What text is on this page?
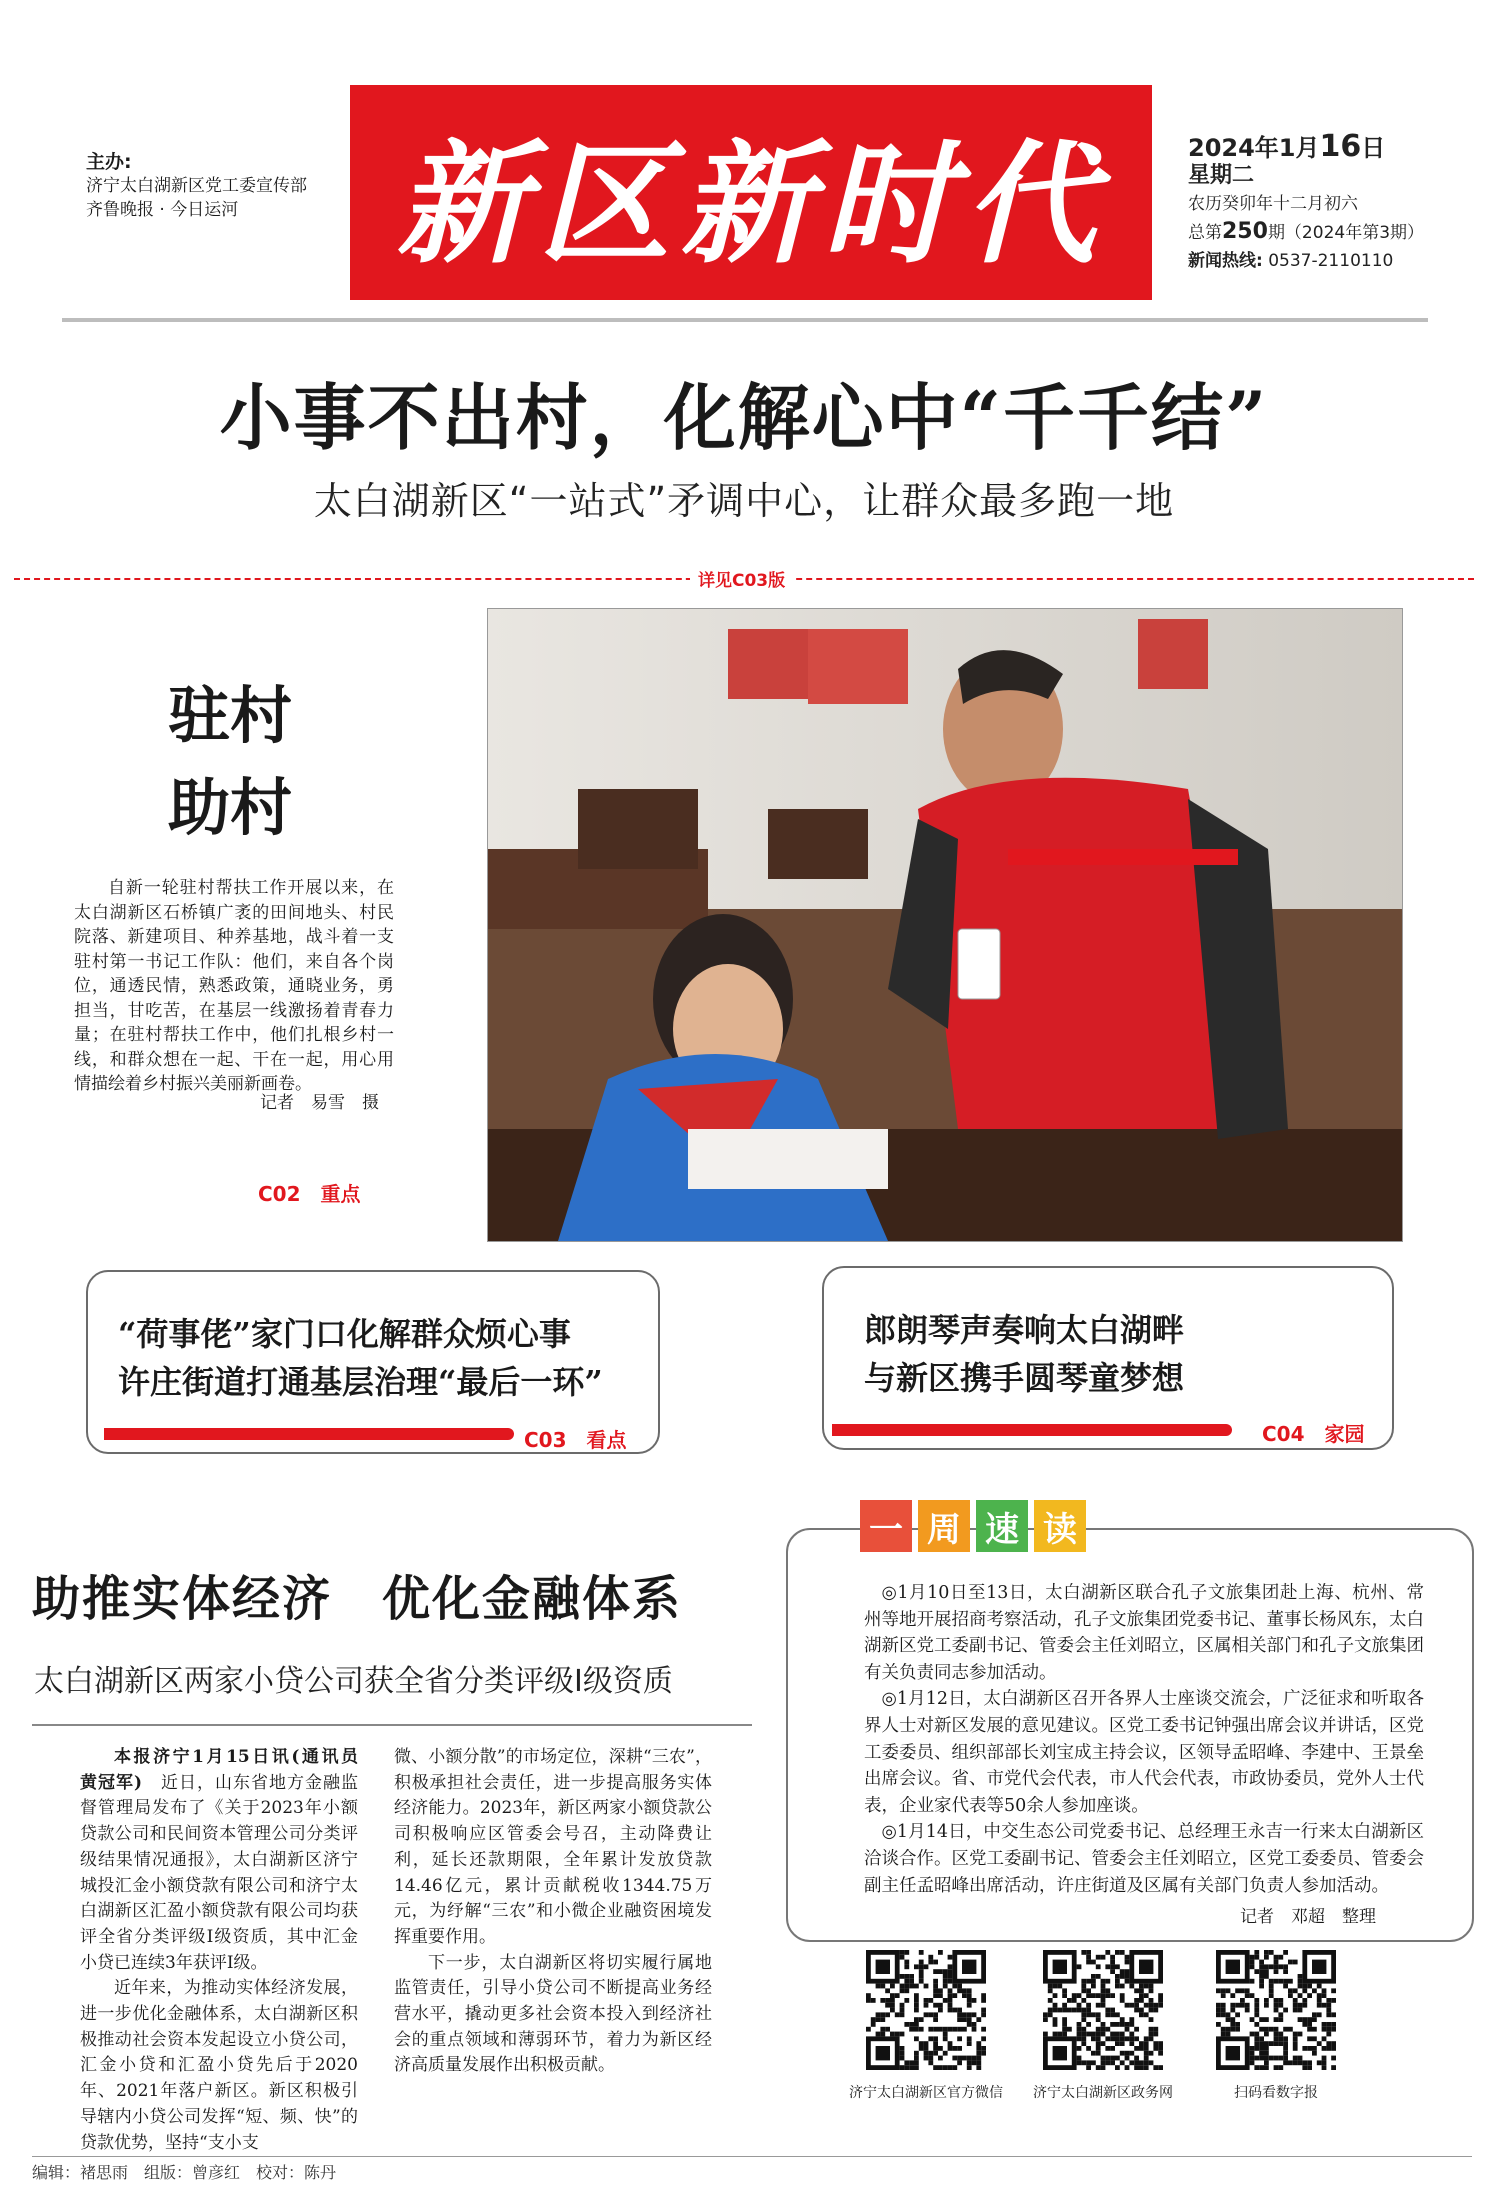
主办:
济宁太白湖新区党工委宣传部
齐鲁晚报 · 今日运河	新区新时代	2024年1月16日
星期二
农历癸卯年十二月初六
总第250期（2024年第3期）
新闻热线: 0537-2110110
小事不出村，化解心中“千千结”
太白湖新区“一站式”矛调中心，让群众最多跑一地
详见C03版
驻村
助村

自新一轮驻村帮扶工作开展以来，在太白湖新区石桥镇广袤的田间地头、村民院落、新建项目、种养基地，战斗着一支驻村第一书记工作队：他们，来自各个岗位，通透民情，熟悉政策，通晓业务，勇担当，甘吃苦，在基层一线激扬着青春力量；在驻村帮扶工作中，他们扎根乡村一线，和群众想在一起、干在一起，用心用情描绘着乡村振兴美丽新画卷。

记者　易雪　摄
C02　 重点
“荷事佬”家门口化解群众烦心事
许庄街道打通基层治理“最后一环”
C03　 看点
郎朗琴声奏响太白湖畔
与新区携手圆琴童梦想
C04　 家园
助推实体经济　优化金融体系
太白湖新区两家小贷公司获全省分类评级Ⅰ级资质

本报济宁1月15日讯(通讯员　黄冠军)　 近日，山东省地方金融监督管理局发布了《关于2023年小额贷款公司和民间资本管理公司分类评级结果情况通报》，太白湖新区济宁城投汇金小额贷款有限公司和济宁太白湖新区汇盈小额贷款有限公司均获评全省分类评级Ⅰ级资质，其中汇金小贷已连续3年获评Ⅰ级。

近年来，为推动实体经济发展，进一步优化金融体系，太白湖新区积极推动社会资本发起设立小贷公司，汇金小贷和汇盈小贷先后于2020年、2021年落户新区。新区积极引导辖内小贷公司发挥“短、频、快”的贷款优势，坚持“支小支

微、小额分散”的市场定位，深耕“三农”，积极承担社会责任，进一步提高服务实体经济能力。2023年，新区两家小额贷款公司积极响应区管委会号召，主动降费让利，延长还款期限，全年累计发放贷款14.46亿元，累计贡献税收1344.75万元，为纾解“三农”和小微企业融资困境发挥重要作用。

下一步，太白湖新区将切实履行属地监管责任，引导小贷公司不断提高业务经营水平，撬动更多社会资本投入到经济社会的重点领域和薄弱环节，着力为新区经济高质量发展作出积极贡献。

一 周 速 读

◎1月10日至13日，太白湖新区联合孔子文旅集团赴上海、杭州、常州等地开展招商考察活动，孔子文旅集团党委书记、董事长杨风东，太白湖新区党工委副书记、管委会主任刘昭立，区属相关部门和孔子文旅集团有关负责同志参加活动。

◎1月12日，太白湖新区召开各界人士座谈交流会，广泛征求和听取各界人士对新区发展的意见建议。区党工委书记钟强出席会议并讲话，区党工委委员、组织部部长刘宝成主持会议，区领导孟昭峰、李建中、王景垒出席会议。省、市党代会代表，市人代会代表，市政协委员，党外人士代表，企业家代表等50余人参加座谈。

◎1月14日，中交生态公司党委书记、总经理王永吉一行来太白湖新区洽谈合作。区党工委副书记、管委会主任刘昭立，区党工委委员、管委会副主任孟昭峰出席活动，许庄街道及区属有关部门负责人参加活动。

记者　邓超　整理
济宁太白湖新区官方微信	济宁太白湖新区政务网	扫码看数字报
编辑：褚思雨　组版：曾彦红　校对：陈丹
